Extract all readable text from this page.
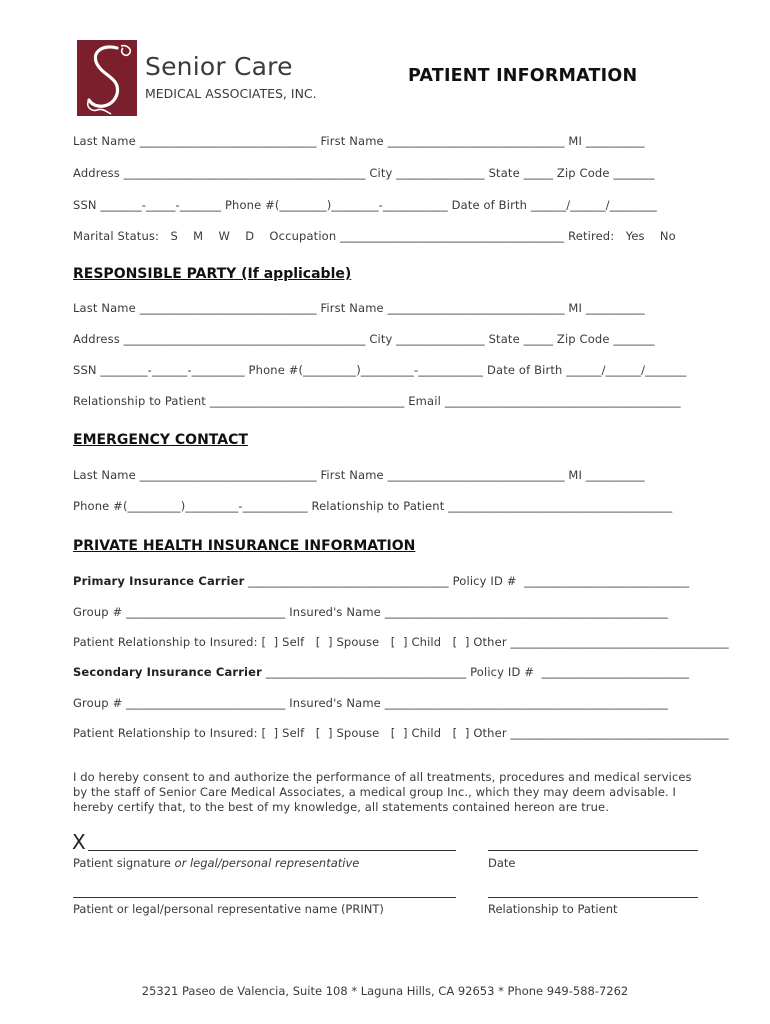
Senior Care
MEDICAL ASSOCIATES, INC.
PATIENT INFORMATION
Last Name ______________________________ First Name ______________________________ MI __________
Address _________________________________________ City _______________ State _____ Zip Code _______
SSN _______-_____-_______ Phone #(________)________-___________ Date of Birth ______/______/________
Marital Status:   S    M    W    D    Occupation ______________________________________ Retired:   Yes    No
RESPONSIBLE PARTY (If applicable)
Last Name ______________________________ First Name ______________________________ MI __________
Address _________________________________________ City _______________ State _____ Zip Code _______
SSN ________-______-_________ Phone #(_________)_________-___________ Date of Birth ______/______/_______
Relationship to Patient _________________________________ Email ________________________________________
EMERGENCY CONTACT
Last Name ______________________________ First Name ______________________________ MI __________
Phone #(_________)_________-___________ Relationship to Patient ______________________________________
PRIVATE HEALTH INSURANCE INFORMATION
Primary Insurance Carrier __________________________________ Policy ID #  ____________________________
Group # ___________________________ Insured's Name ________________________________________________
Patient Relationship to Insured: [  ] Self   [  ] Spouse   [  ] Child   [  ] Other _____________________________________
Secondary Insurance Carrier __________________________________ Policy ID #  _________________________
Group # ___________________________ Insured's Name ________________________________________________
Patient Relationship to Insured: [  ] Self   [  ] Spouse   [  ] Child   [  ] Other _____________________________________
I do hereby consent to and authorize the performance of all treatments, procedures and medical services by the staff of Senior Care Medical Associates, a medical group Inc., which they may deem advisable. I hereby certify that, to the best of my knowledge, all statements contained hereon are true.
X
Patient signature or legal/personal representative	Date
Patient or legal/personal representative name (PRINT)	Relationship to Patient
25321 Paseo de Valencia, Suite 108 * Laguna Hills, CA 92653 * Phone 949-588-7262
